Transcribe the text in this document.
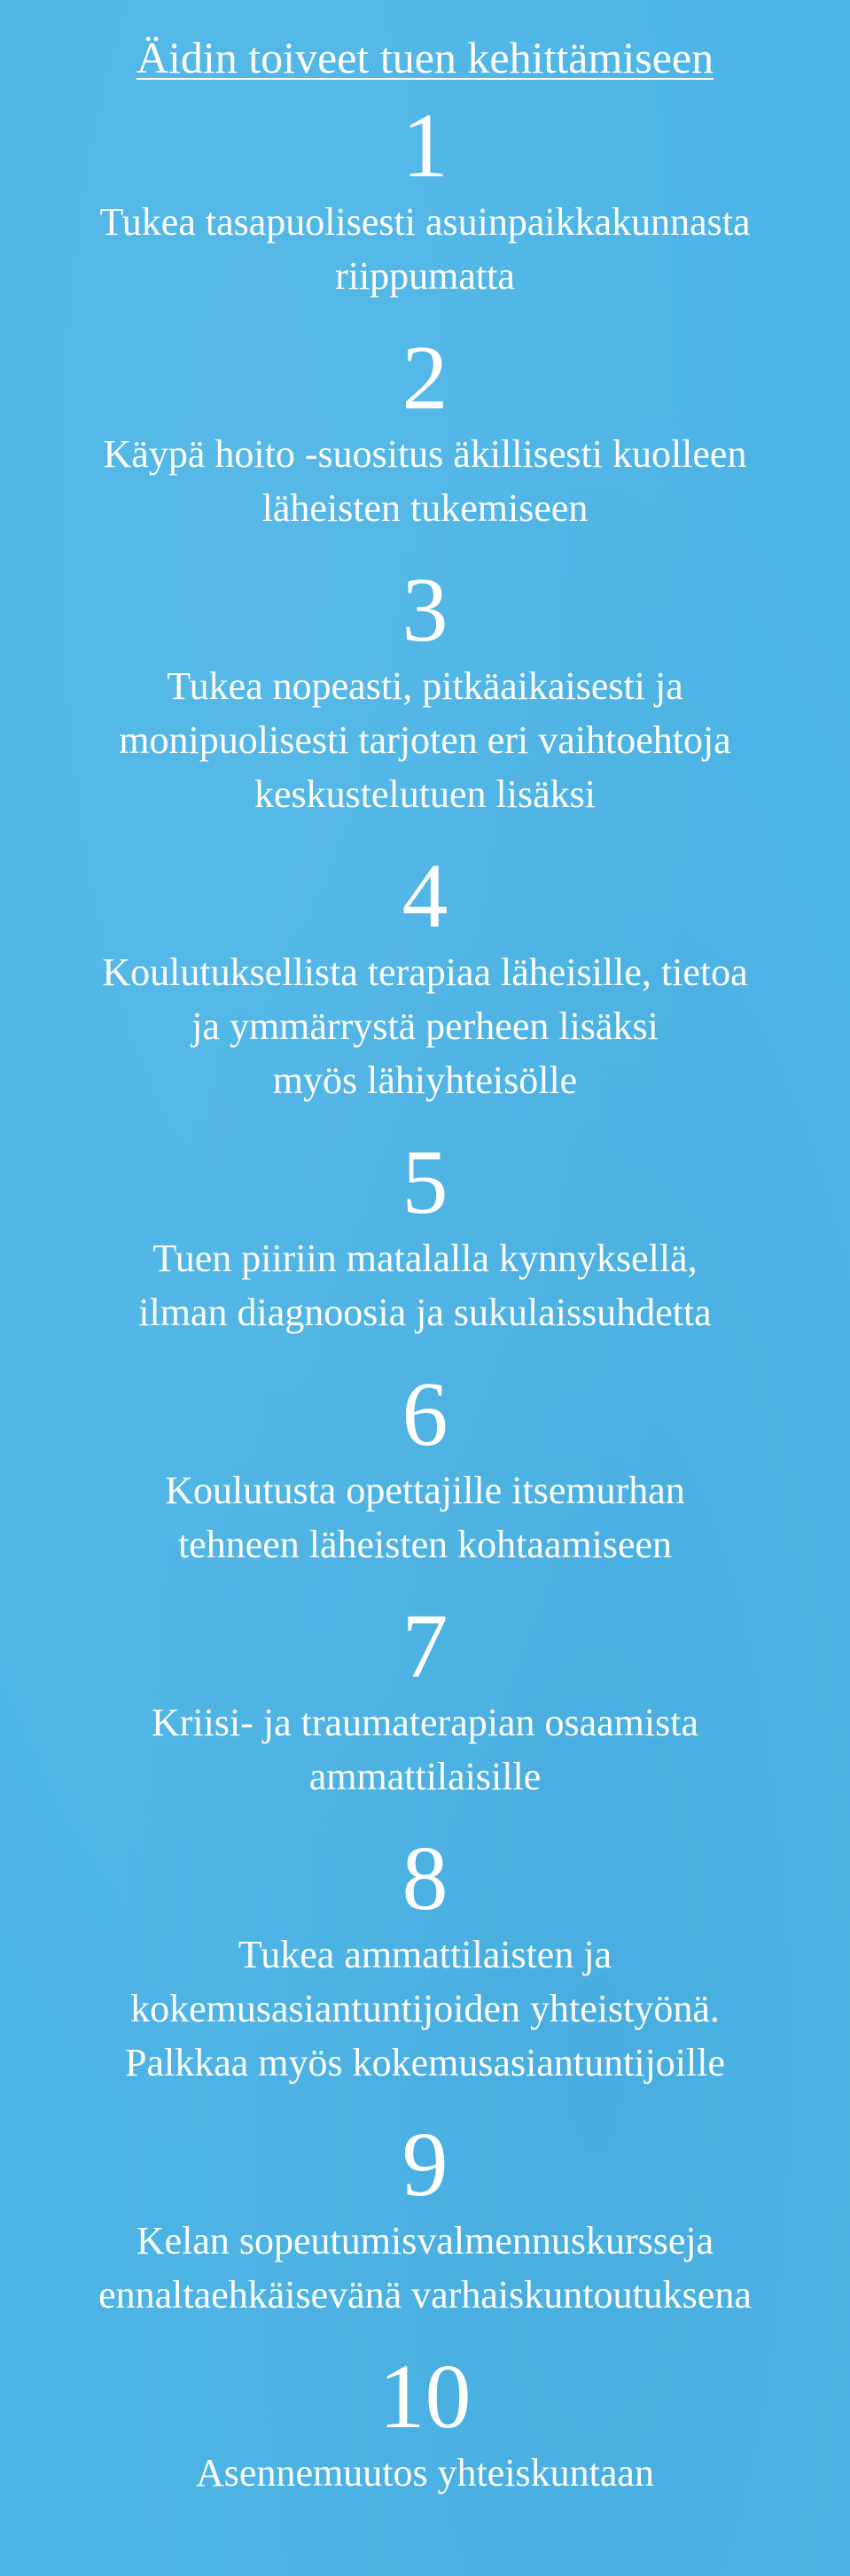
Äidin toiveet tuen kehittämiseen
1
Tukea tasapuolisesti asuinpaikkakunnasta
riippumatta
2
Käypä hoito -suositus äkillisesti kuolleen
läheisten tukemiseen
3
Tukea nopeasti, pitkäaikaisesti ja
monipuolisesti tarjoten eri vaihtoehtoja
keskustelutuen lisäksi
4
Koulutuksellista terapiaa läheisille, tietoa
ja ymmärrystä perheen lisäksi
myös lähiyhteisölle
5
Tuen piiriin matalalla kynnyksellä,
ilman diagnoosia ja sukulaissuhdetta
6
Koulutusta opettajille itsemurhan
tehneen läheisten kohtaamiseen
7
Kriisi- ja traumaterapian osaamista
ammattilaisille
8
Tukea ammattilaisten ja
kokemusasiantuntijoiden yhteistyönä.
Palkkaa myös kokemusasiantuntijoille
9
Kelan sopeutumisvalmennuskursseja
ennaltaehkäisevänä varhaiskuntoutuksena
10
Asennemuutos yhteiskuntaan
